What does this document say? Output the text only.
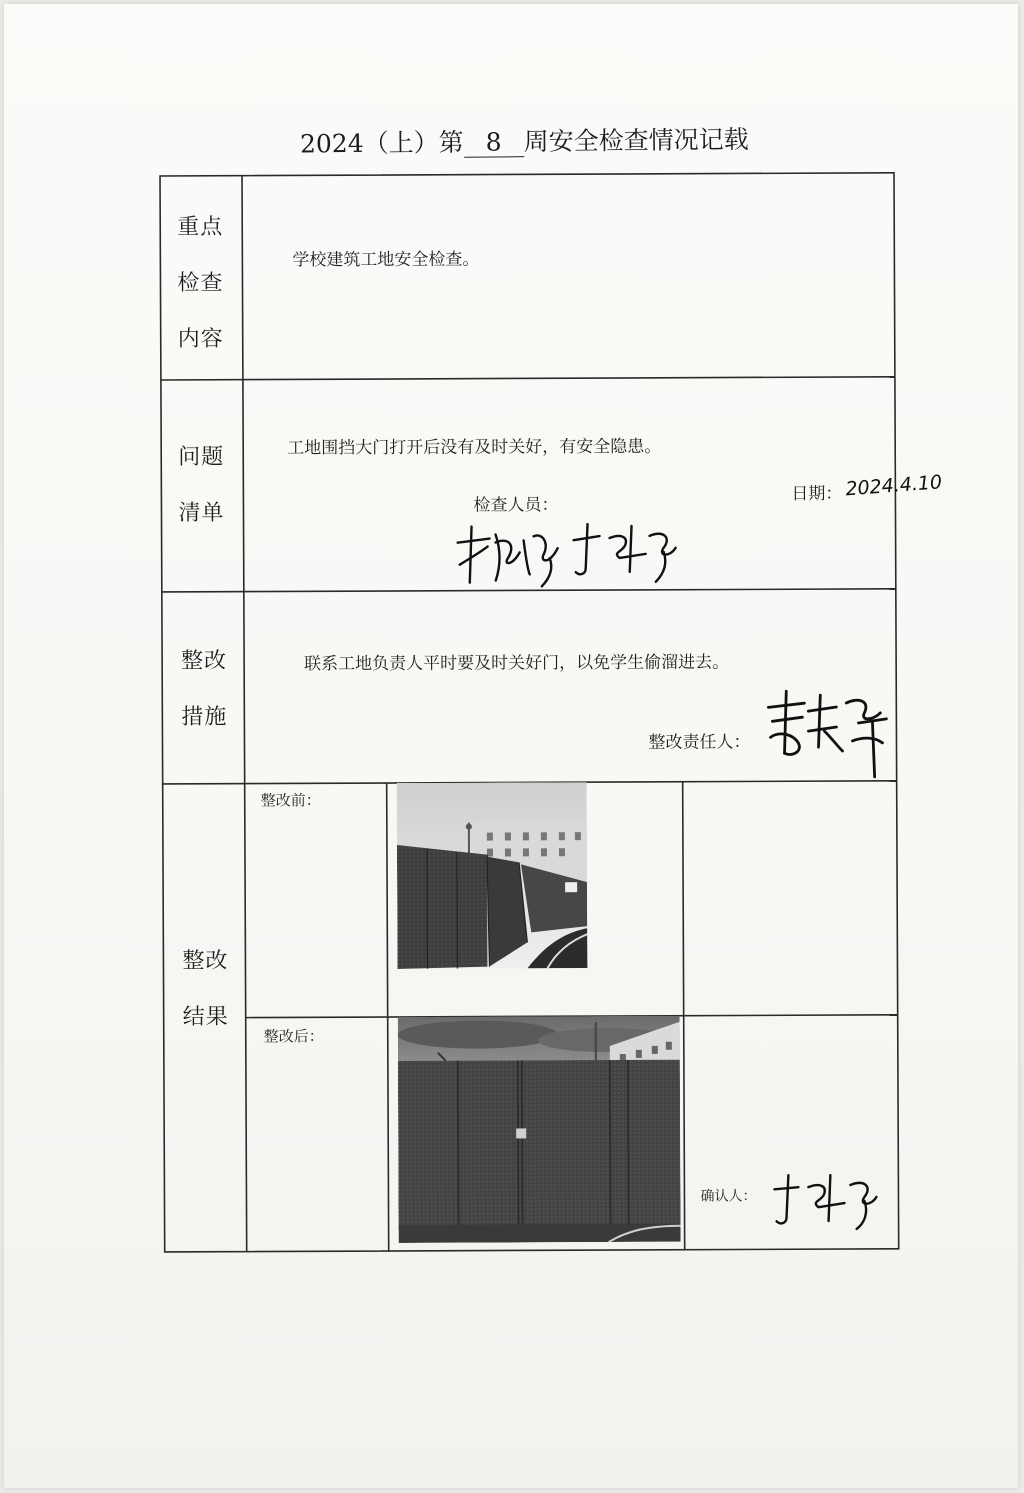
2024（上）第 8 周安全检查情况记载
重点
检查
内容
学校建筑工地安全检查。
问题
清单
工地围挡大门打开后没有及时关好，有安全隐患。
检查人员：
日期： 2024.4.10
整改
措施
联系工地负责人平时要及时关好门，以免学生偷溜进去。
整改责任人：
整改
结果
整改前：
整改后：
确认人：
